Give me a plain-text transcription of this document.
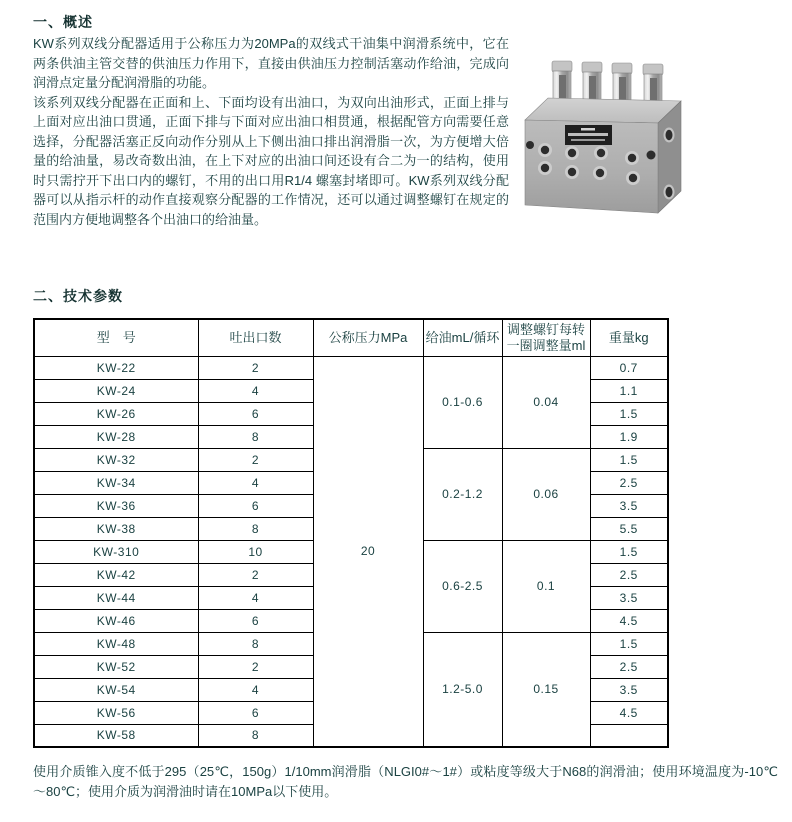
一、概述

KW系列双线分配器适用于公称压力为20MPa的双线式干油集中润滑系统中，它在两条供油主管交替的供油压力作用下，直接由供油压力控制活塞动作给油，完成向润滑点定量分配润滑脂的功能。

该系列双线分配器在正面和上、下面均设有出油口，为双向出油形式，正面上排与上面对应出油口贯通，正面下排与下面对应出油口相贯通，根据配管方向需要任意选择，分配器活塞正反向动作分别从上下侧出油口排出润滑脂一次，为方便增大倍量的给油量，易改奇数出油，在上下对应的出油口间还设有合二为一的结构，使用时只需拧开下出口内的螺钉，不用的出口用R1/4 螺塞封堵即可。KW系列双线分配器可以从指示杆的动作直接观察分配器的工作情况，还可以通过调整螺钉在规定的范围内方便地调整各个出油口的给油量。

二、技术参数
型　号	吐出口数	公称压力MPa	给油mL/循环	调整螺钉每转一圈调整量ml	重量kg
KW-22	2	20	0.1-0.6	0.04	0.7
KW-24	4				1.1
KW-26	6				1.5
KW-28	8				1.9
KW-32	2		0.2-1.2	0.06	1.5
KW-34	4				2.5
KW-36	6				3.5
KW-38	8				5.5
KW-310	10		0.6-2.5	0.1	1.5
KW-42	2				2.5
KW-44	4				3.5
KW-46	6				4.5
KW-48	8		1.2-5.0	0.15	1.5
KW-52	2				2.5
KW-54	4				3.5
KW-56	6				4.5
KW-58	8				
使用介质锥入度不低于295（25℃，150g）1/10mm润滑脂（NLGI0#～1#）或粘度等级大于N68的润滑油；使用环境温度为-10℃～80℃；使用介质为润滑油时请在10MPa以下使用。
